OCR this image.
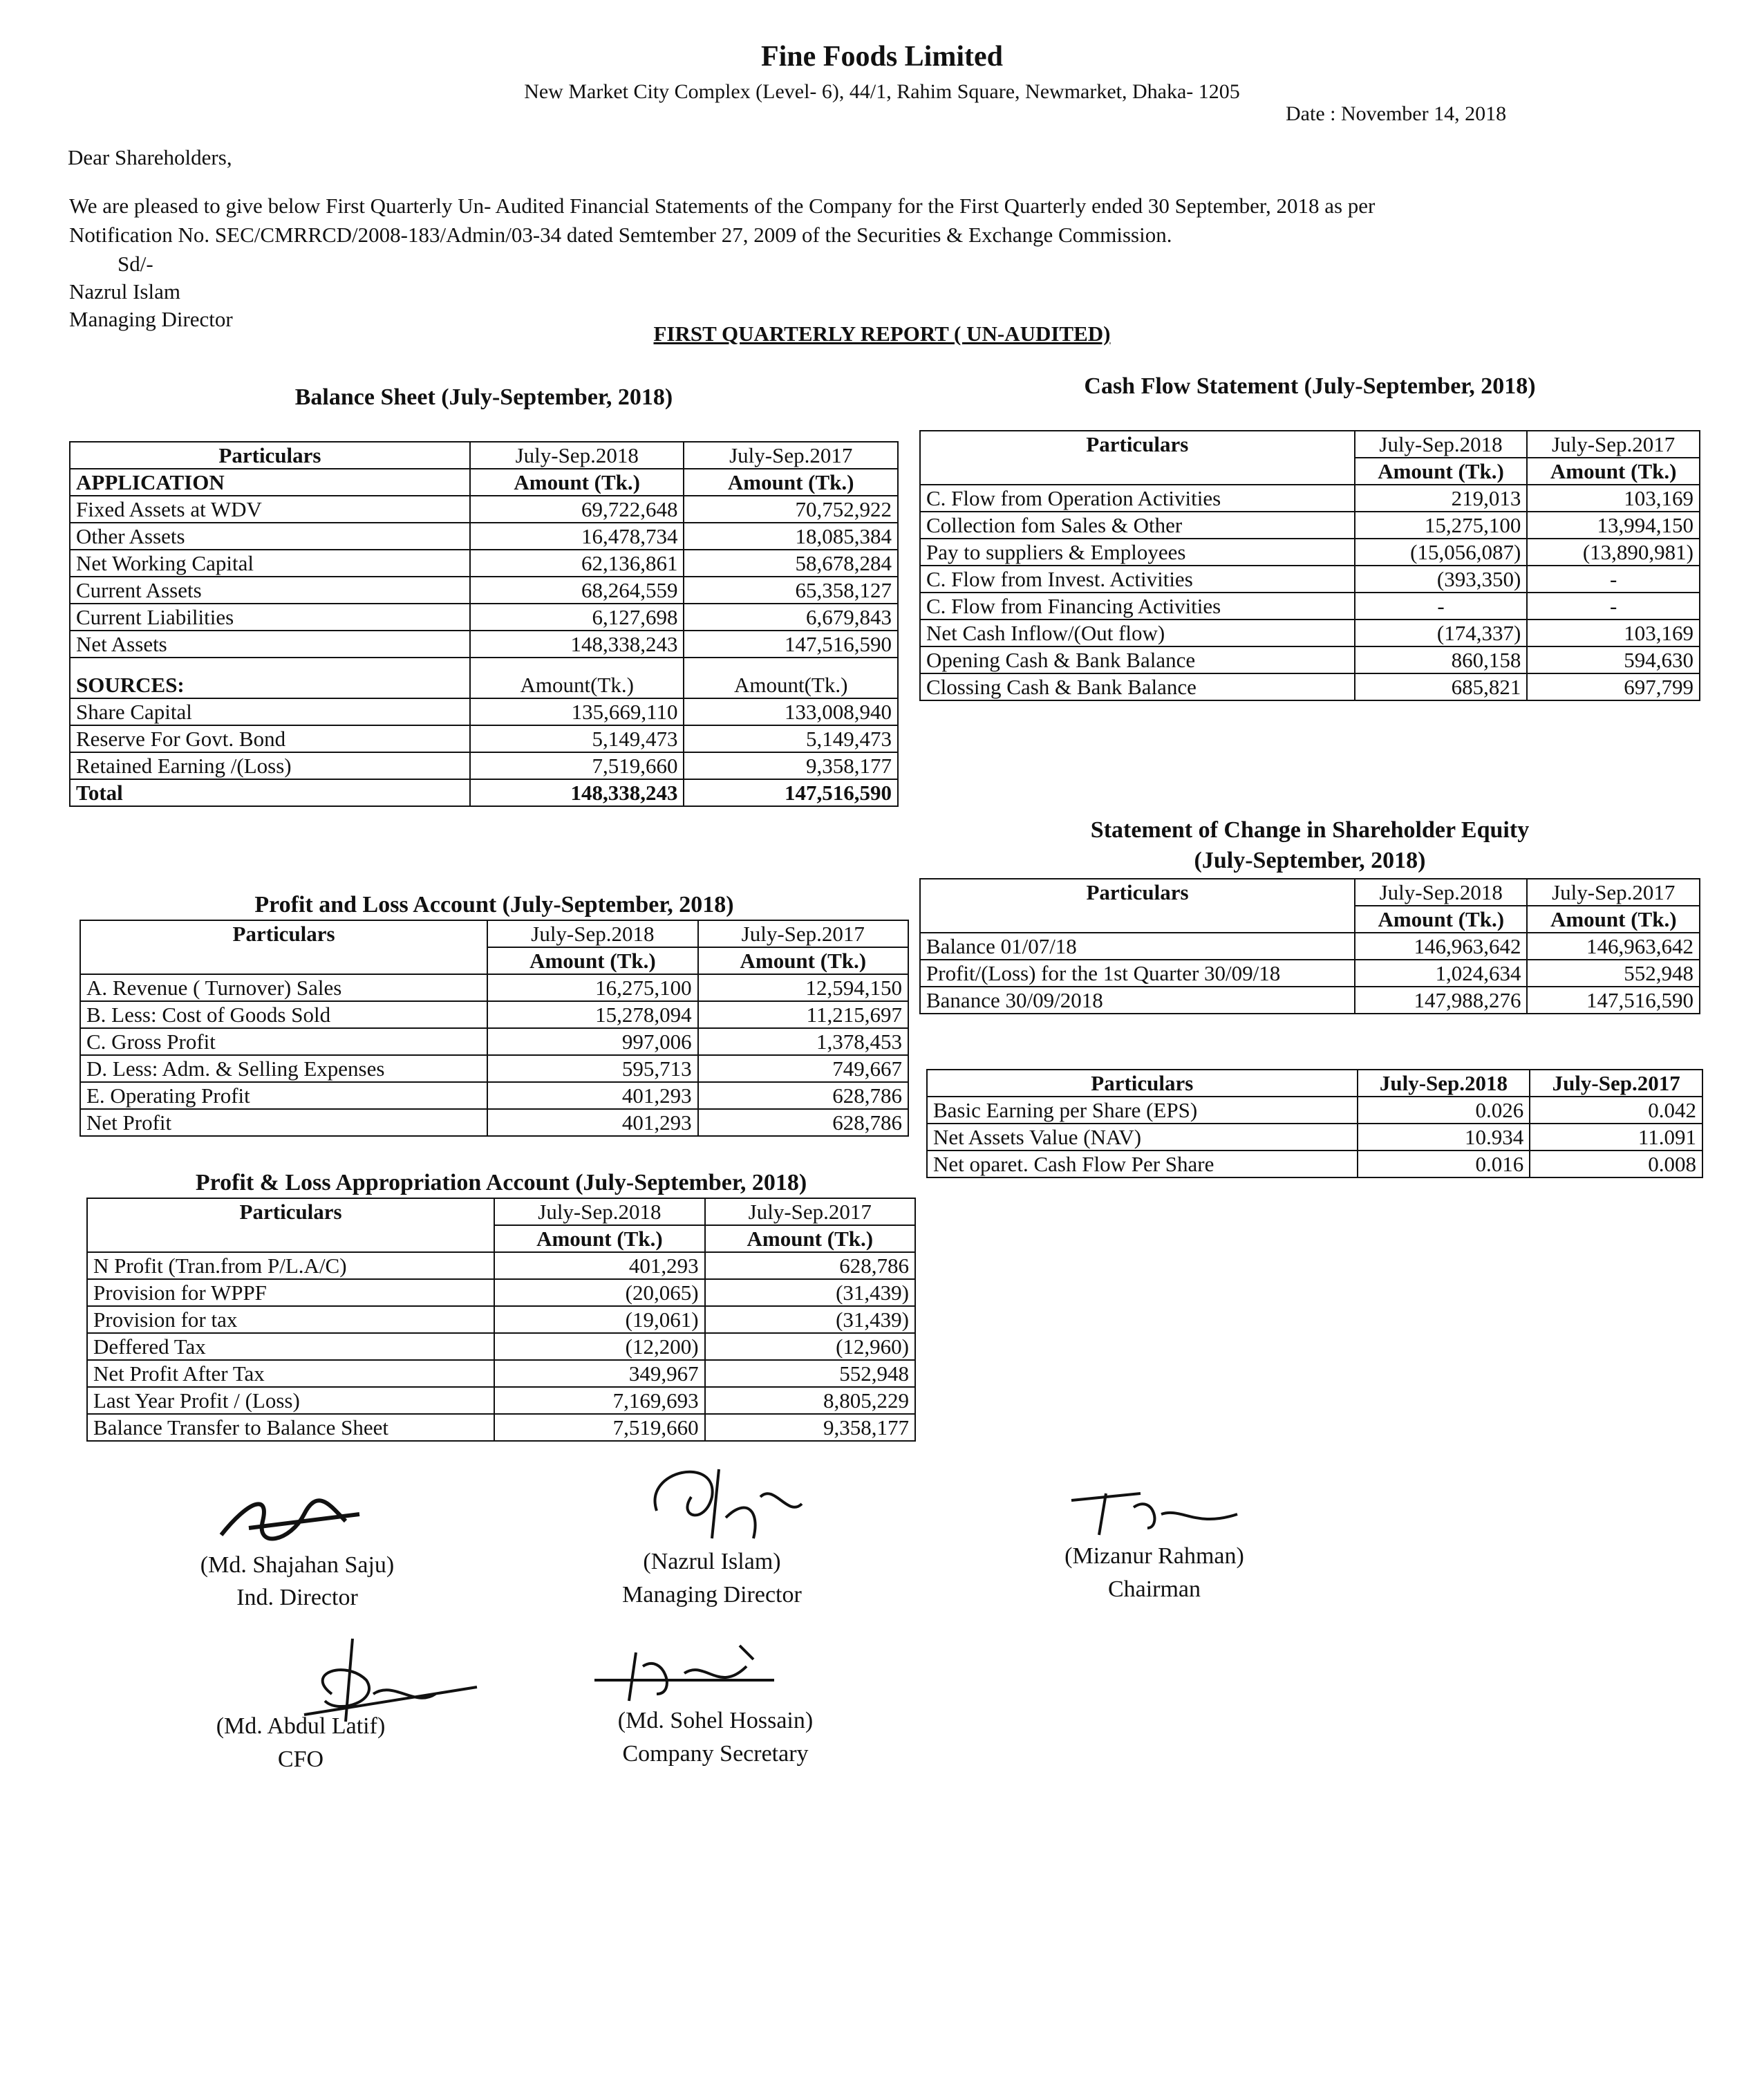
Fine Foods Limited
New Market City Complex (Level- 6), 44/1, Rahim Square, Newmarket, Dhaka- 1205
Date : November 14, 2018
Dear Shareholders,
We are pleased to give below First Quarterly Un- Audited Financial Statements of the Company for the First Quarterly ended 30 September, 2018 as per
Notification No. SEC/CMRRCD/2008-183/Admin/03-34 dated Semtember 27, 2009 of the Securities & Exchange Commission.
Sd/-
Nazrul Islam
Managing Director
FIRST QUARTERLY REPORT ( UN-AUDITED)
Balance Sheet (July-September, 2018)
Particulars	July-Sep.2018	July-Sep.2017
APPLICATION	Amount (Tk.)	Amount (Tk.)
Fixed Assets at WDV	69,722,648	70,752,922
Other Assets	16,478,734	18,085,384
Net Working Capital	62,136,861	58,678,284
Current Assets	68,264,559	65,358,127
Current Liabilities	6,127,698	6,679,843
Net Assets	148,338,243	147,516,590

SOURCES:	Amount(Tk.)	Amount(Tk.)
Share Capital	135,669,110	133,008,940
Reserve For Govt. Bond	5,149,473	5,149,473
Retained Earning /(Loss)	7,519,660	9,358,177
Total	148,338,243	147,516,590
Cash Flow Statement (July-September, 2018)
Particulars	July-Sep.2018	July-Sep.2017
	Amount (Tk.)	Amount (Tk.)
C. Flow from Operation Activities	219,013	103,169
Collection fom Sales & Other	15,275,100	13,994,150
Pay to suppliers & Employees	(15,056,087)	(13,890,981)
C. Flow from Invest. Activities	(393,350)	-
C. Flow from Financing Activities	-	-
Net Cash Inflow/(Out flow)	(174,337)	103,169
Opening Cash & Bank Balance	860,158	594,630
Clossing Cash & Bank Balance	685,821	697,799
Statement of Change in Shareholder Equity
(July-September, 2018)
Particulars	July-Sep.2018	July-Sep.2017
	Amount (Tk.)	Amount (Tk.)
Balance 01/07/18	146,963,642	146,963,642
Profit/(Loss) for the 1st Quarter 30/09/18	1,024,634	552,948
Banance 30/09/2018	147,988,276	147,516,590
Particulars	July-Sep.2018	July-Sep.2017
Basic Earning per Share (EPS)	0.026	0.042
Net Assets Value (NAV)	10.934	11.091
Net oparet. Cash Flow Per Share	0.016	0.008
Profit and Loss Account (July-September, 2018)
Particulars	July-Sep.2018	July-Sep.2017
	Amount (Tk.)	Amount (Tk.)
A. Revenue ( Turnover) Sales	16,275,100	12,594,150
B. Less: Cost of Goods Sold	15,278,094	11,215,697
C. Gross Profit	997,006	1,378,453
D. Less: Adm. & Selling Expenses	595,713	749,667
E. Operating Profit	401,293	628,786
Net Profit	401,293	628,786
Profit & Loss Appropriation Account (July-September, 2018)
Particulars	July-Sep.2018	July-Sep.2017
	Amount (Tk.)	Amount (Tk.)
N Profit (Tran.from P/L.A/C)	401,293	628,786
Provision for WPPF	(20,065)	(31,439)
Provision for tax	(19,061)	(31,439)
Deffered Tax	(12,200)	(12,960)
Net Profit After Tax	349,967	552,948
Last Year Profit / (Loss)	7,169,693	8,805,229
Balance Transfer to Balance Sheet	7,519,660	9,358,177
(Md. Shajahan Saju)
Ind. Director
(Nazrul Islam)
Managing Director
(Mizanur Rahman)
Chairman
(Md. Abdul Latif)
CFO
(Md. Sohel Hossain)
Company Secretary
